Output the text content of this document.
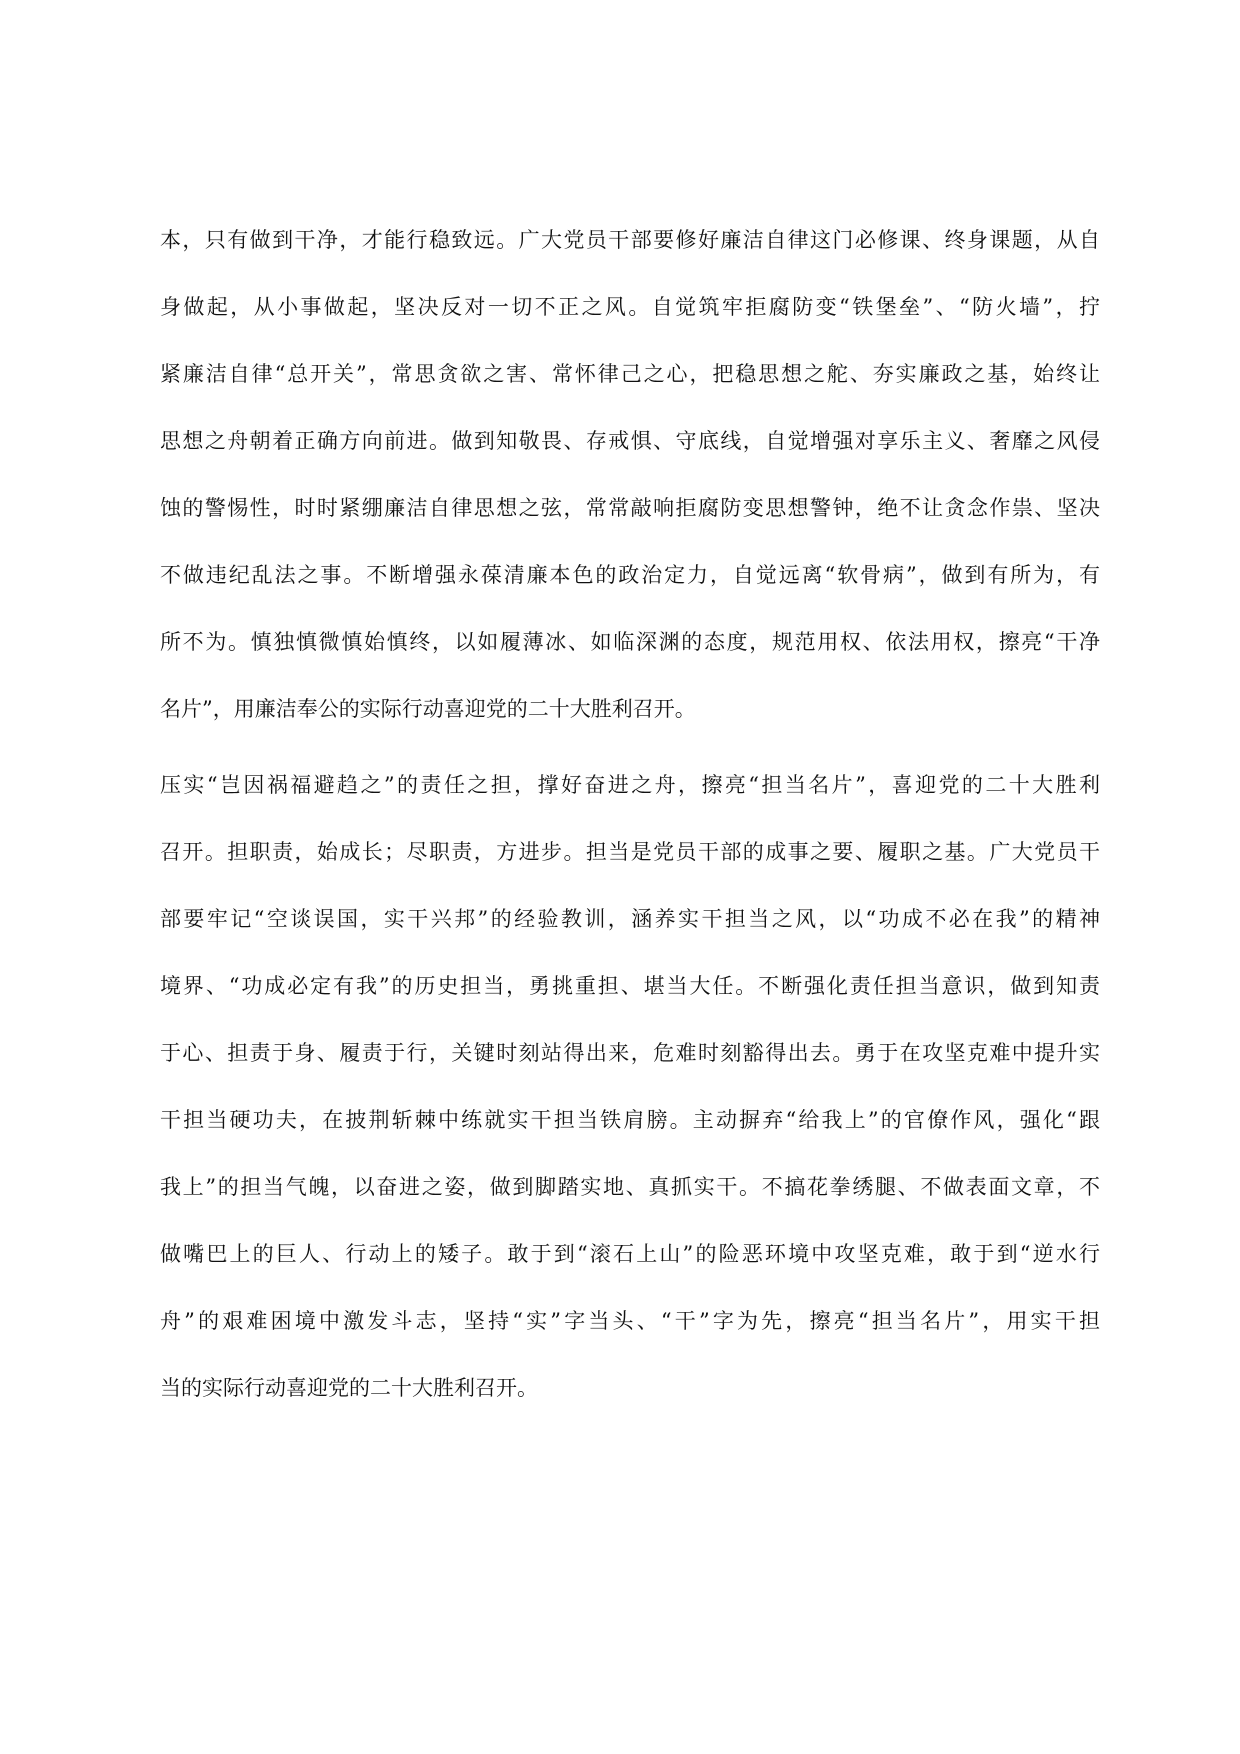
本，只有做到干净，才能行稳致远。广大党员干部要修好廉洁自律这门必修课、终身课题，从自
身做起，从小事做起，坚决反对一切不正之风。自觉筑牢拒腐防变“铁堡垒”、“防火墙”，拧
紧廉洁自律“总开关”，常思贪欲之害、常怀律己之心，把稳思想之舵、夯实廉政之基，始终让
思想之舟朝着正确方向前进。做到知敬畏、存戒惧、守底线，自觉增强对享乐主义、奢靡之风侵
蚀的警惕性，时时紧绷廉洁自律思想之弦，常常敲响拒腐防变思想警钟，绝不让贪念作祟、坚决
不做违纪乱法之事。不断增强永葆清廉本色的政治定力，自觉远离“软骨病”，做到有所为，有
所不为。慎独慎微慎始慎终，以如履薄冰、如临深渊的态度，规范用权、依法用权，擦亮“干净
名片”，用廉洁奉公的实际行动喜迎党的二十大胜利召开。
压实“岂因祸福避趋之”的责任之担，撑好奋进之舟，擦亮“担当名片”，喜迎党的二十大胜利
召开。担职责，始成长；尽职责，方进步。担当是党员干部的成事之要、履职之基。广大党员干
部要牢记“空谈误国，实干兴邦”的经验教训，涵养实干担当之风，以“功成不必在我”的精神
境界、“功成必定有我”的历史担当，勇挑重担、堪当大任。不断强化责任担当意识，做到知责
于心、担责于身、履责于行，关键时刻站得出来，危难时刻豁得出去。勇于在攻坚克难中提升实
干担当硬功夫，在披荆斩棘中练就实干担当铁肩膀。主动摒弃“给我上”的官僚作风，强化“跟
我上”的担当气魄，以奋进之姿，做到脚踏实地、真抓实干。不搞花拳绣腿、不做表面文章，不
做嘴巴上的巨人、行动上的矮子。敢于到“滚石上山”的险恶环境中攻坚克难，敢于到“逆水行
舟”的艰难困境中激发斗志，坚持“实”字当头、“干”字为先，擦亮“担当名片”，用实干担
当的实际行动喜迎党的二十大胜利召开。
